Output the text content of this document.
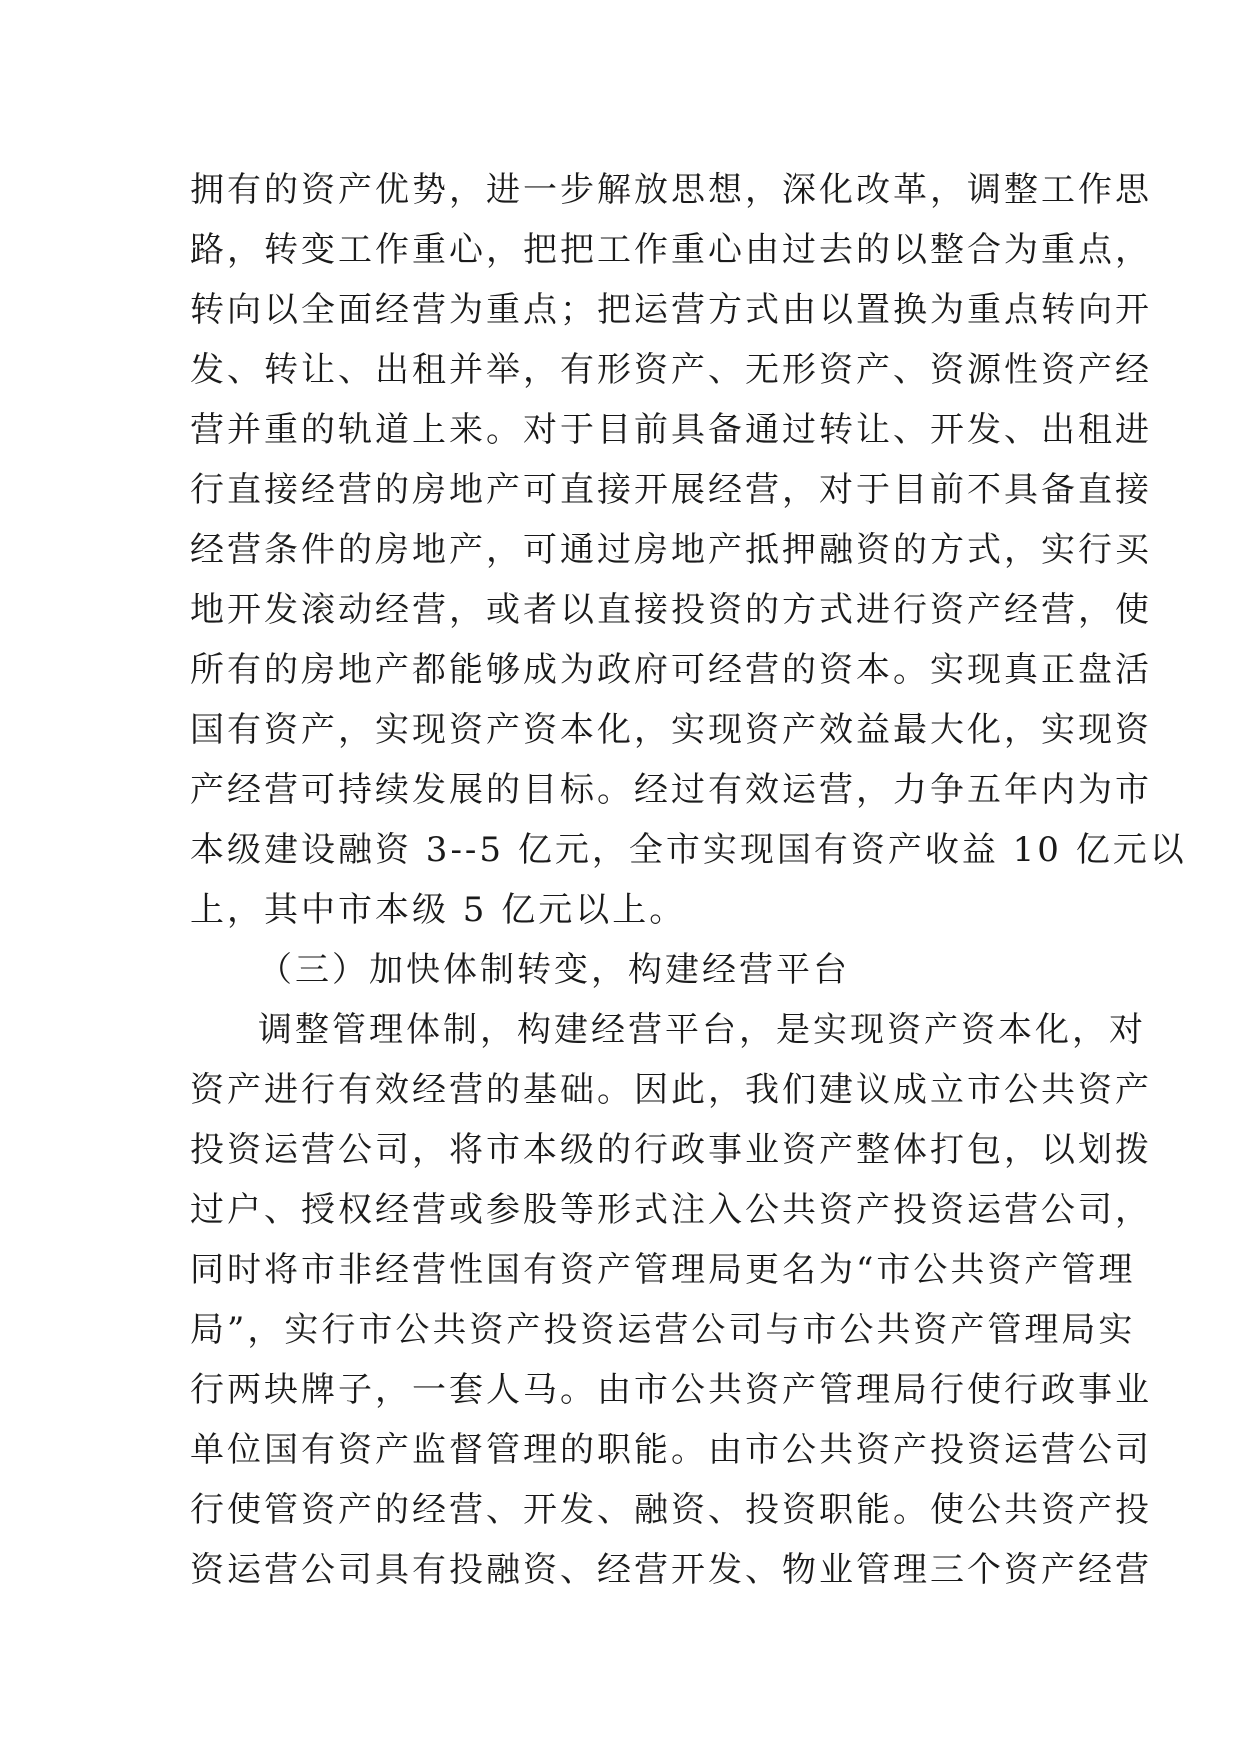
拥有的资产优势，进一步解放思想，深化改革，调整工作思
路，转变工作重心，把把工作重心由过去的以整合为重点，
转向以全面经营为重点；把运营方式由以置换为重点转向开
发、转让、出租并举，有形资产、无形资产、资源性资产经
营并重的轨道上来。对于目前具备通过转让、开发、出租进
行直接经营的房地产可直接开展经营，对于目前不具备直接
经营条件的房地产，可通过房地产抵押融资的方式，实行买
地开发滚动经营，或者以直接投资的方式进行资产经营，使
所有的房地产都能够成为政府可经营的资本。实现真正盘活
国有资产，实现资产资本化，实现资产效益最大化，实现资
产经营可持续发展的目标。经过有效运营，力争五年内为市
本级建设融资 3--5 亿元，全市实现国有资产收益 10 亿元以
上，其中市本级 5 亿元以上。
（三）加快体制转变，构建经营平台
调整管理体制，构建经营平台，是实现资产资本化，对
资产进行有效经营的基础。因此，我们建议成立市公共资产
投资运营公司，将市本级的行政事业资产整体打包，以划拨
过户、授权经营或参股等形式注入公共资产投资运营公司，
同时将市非经营性国有资产管理局更名为“市公共资产管理
局”，实行市公共资产投资运营公司与市公共资产管理局实
行两块牌子，一套人马。由市公共资产管理局行使行政事业
单位国有资产监督管理的职能。由市公共资产投资运营公司
行使管资产的经营、开发、融资、投资职能。使公共资产投
资运营公司具有投融资、经营开发、物业管理三个资产经营
